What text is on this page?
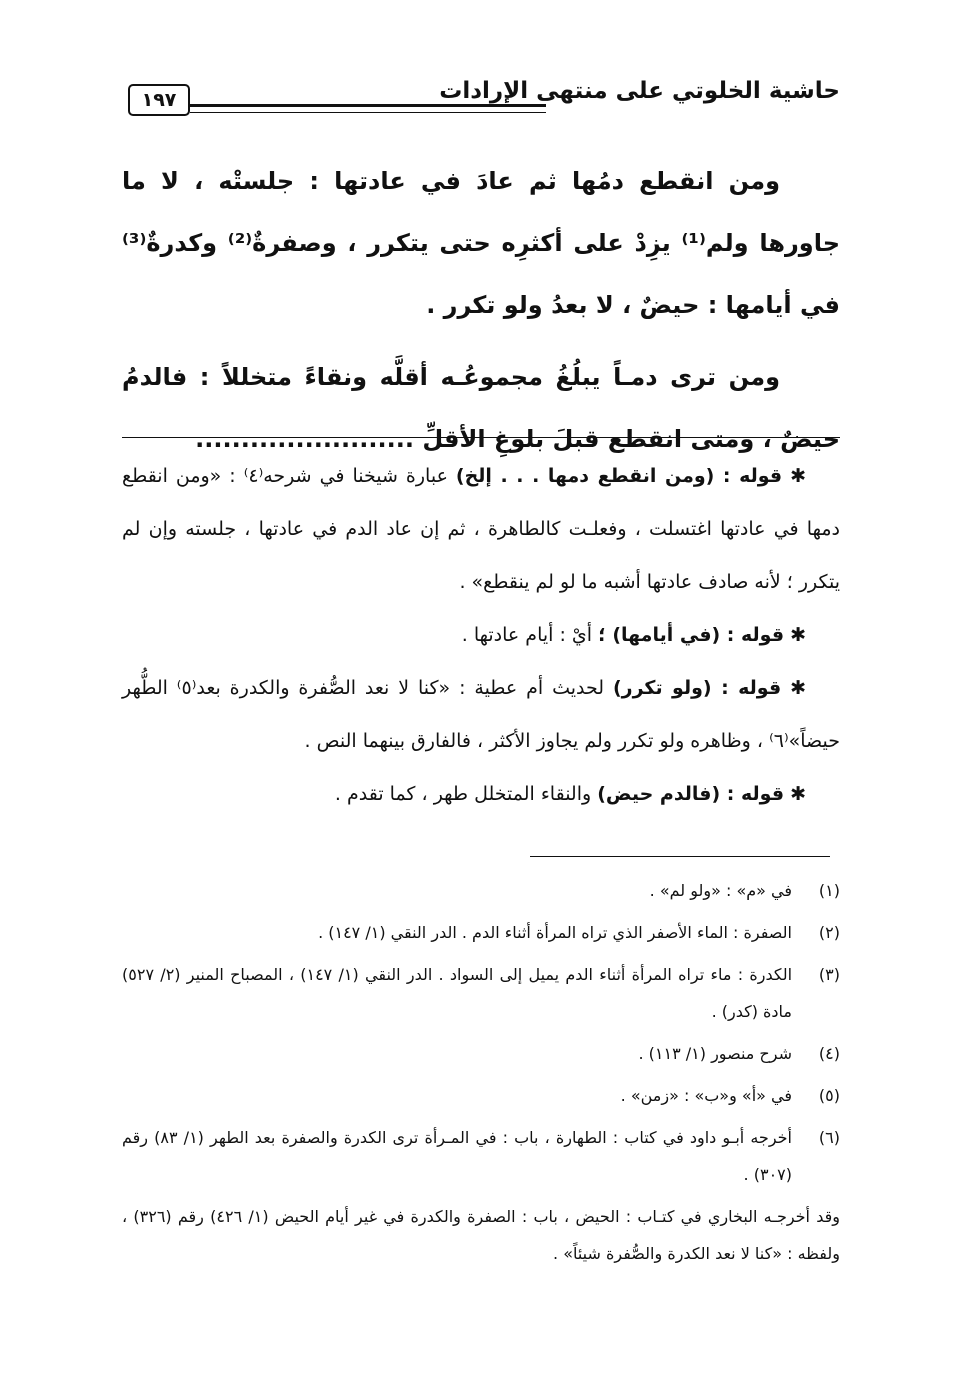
حاشية الخلوتي على منتهى الإرادات
١٩٧

ومن انقطع دمُها ثم عادَ في عادتها : جلستْه ، لا ما جاورها ولم⁽¹⁾ يزِدْ على أكثرِه حتى يتكرر ، وصفرةٌ⁽²⁾ وكدرةٌ⁽³⁾ في أيامها : حيضٌ ، لا بعدُ ولو تكرر .

ومن ترى دمـاً يبلُغُ مجموعُـه أقلَّه ونقاءً متخللاً : فالدمُ حيضٌ ، ومتى انقطع قبلَ بلوغِ الأقلِّ ........................

✱ قوله : (ومن انقطع دمها . . . إلخ) عبارة شيخنا في شرحه⁽٤⁾ : «ومن انقطع دمها في عادتها اغتسلت ، وفعلـت كالطاهرة ، ثم إن عاد الدم في عادتها ، جلسته وإن لم يتكرر ؛ لأنه صادف عادتها أشبه ما لو لم ينقطع» .

✱ قوله : (في أيامها) ؛ أيْ : أيام عادتها .

✱ قوله : (ولو تكرر) لحديث أم عطية : «كنا لا نعد الصُّفرة والكدرة بعد⁽٥⁾ الطُّهر حيضاً»⁽٦⁾ ، وظاهره ولو تكرر ولم يجاوز الأكثر ، فالفارق بينهما النص .

✱ قوله : (فالدم حيض) والنقاء المتخلل طهر ، كما تقدم .

(١)
في «م» : «ولو لم» .
(٢)
الصفرة : الماء الأصفر الذي تراه المرأة أثناء الدم . الدر النقي (١/ ١٤٧) .
(٣)
الكدرة : ماء تراه المرأة أثناء الدم يميل إلى السواد . الدر النقي (١/ ١٤٧) ، المصباح المنير (٢/ ٥٢٧) مادة (كدر) .
(٤)
شرح منصور (١/ ١١٣) .
(٥)
في «أ» و«ب» : «زمن» .
(٦)
أخرجه أبـو داود في كتاب : الطهارة ، باب : في المـرأة ترى الكدرة والصفرة بعد الطهر (١/ ٨٣) رقم (٣٠٧) .
وقد أخرجـه البخاري في كتـاب : الحيض ، باب : الصفرة والكدرة في غير أيام الحيض (١/ ٤٢٦) رقم (٣٢٦) ، ولفظه : «كنا لا نعد الكدرة والصُّفرة شيئاً» .
